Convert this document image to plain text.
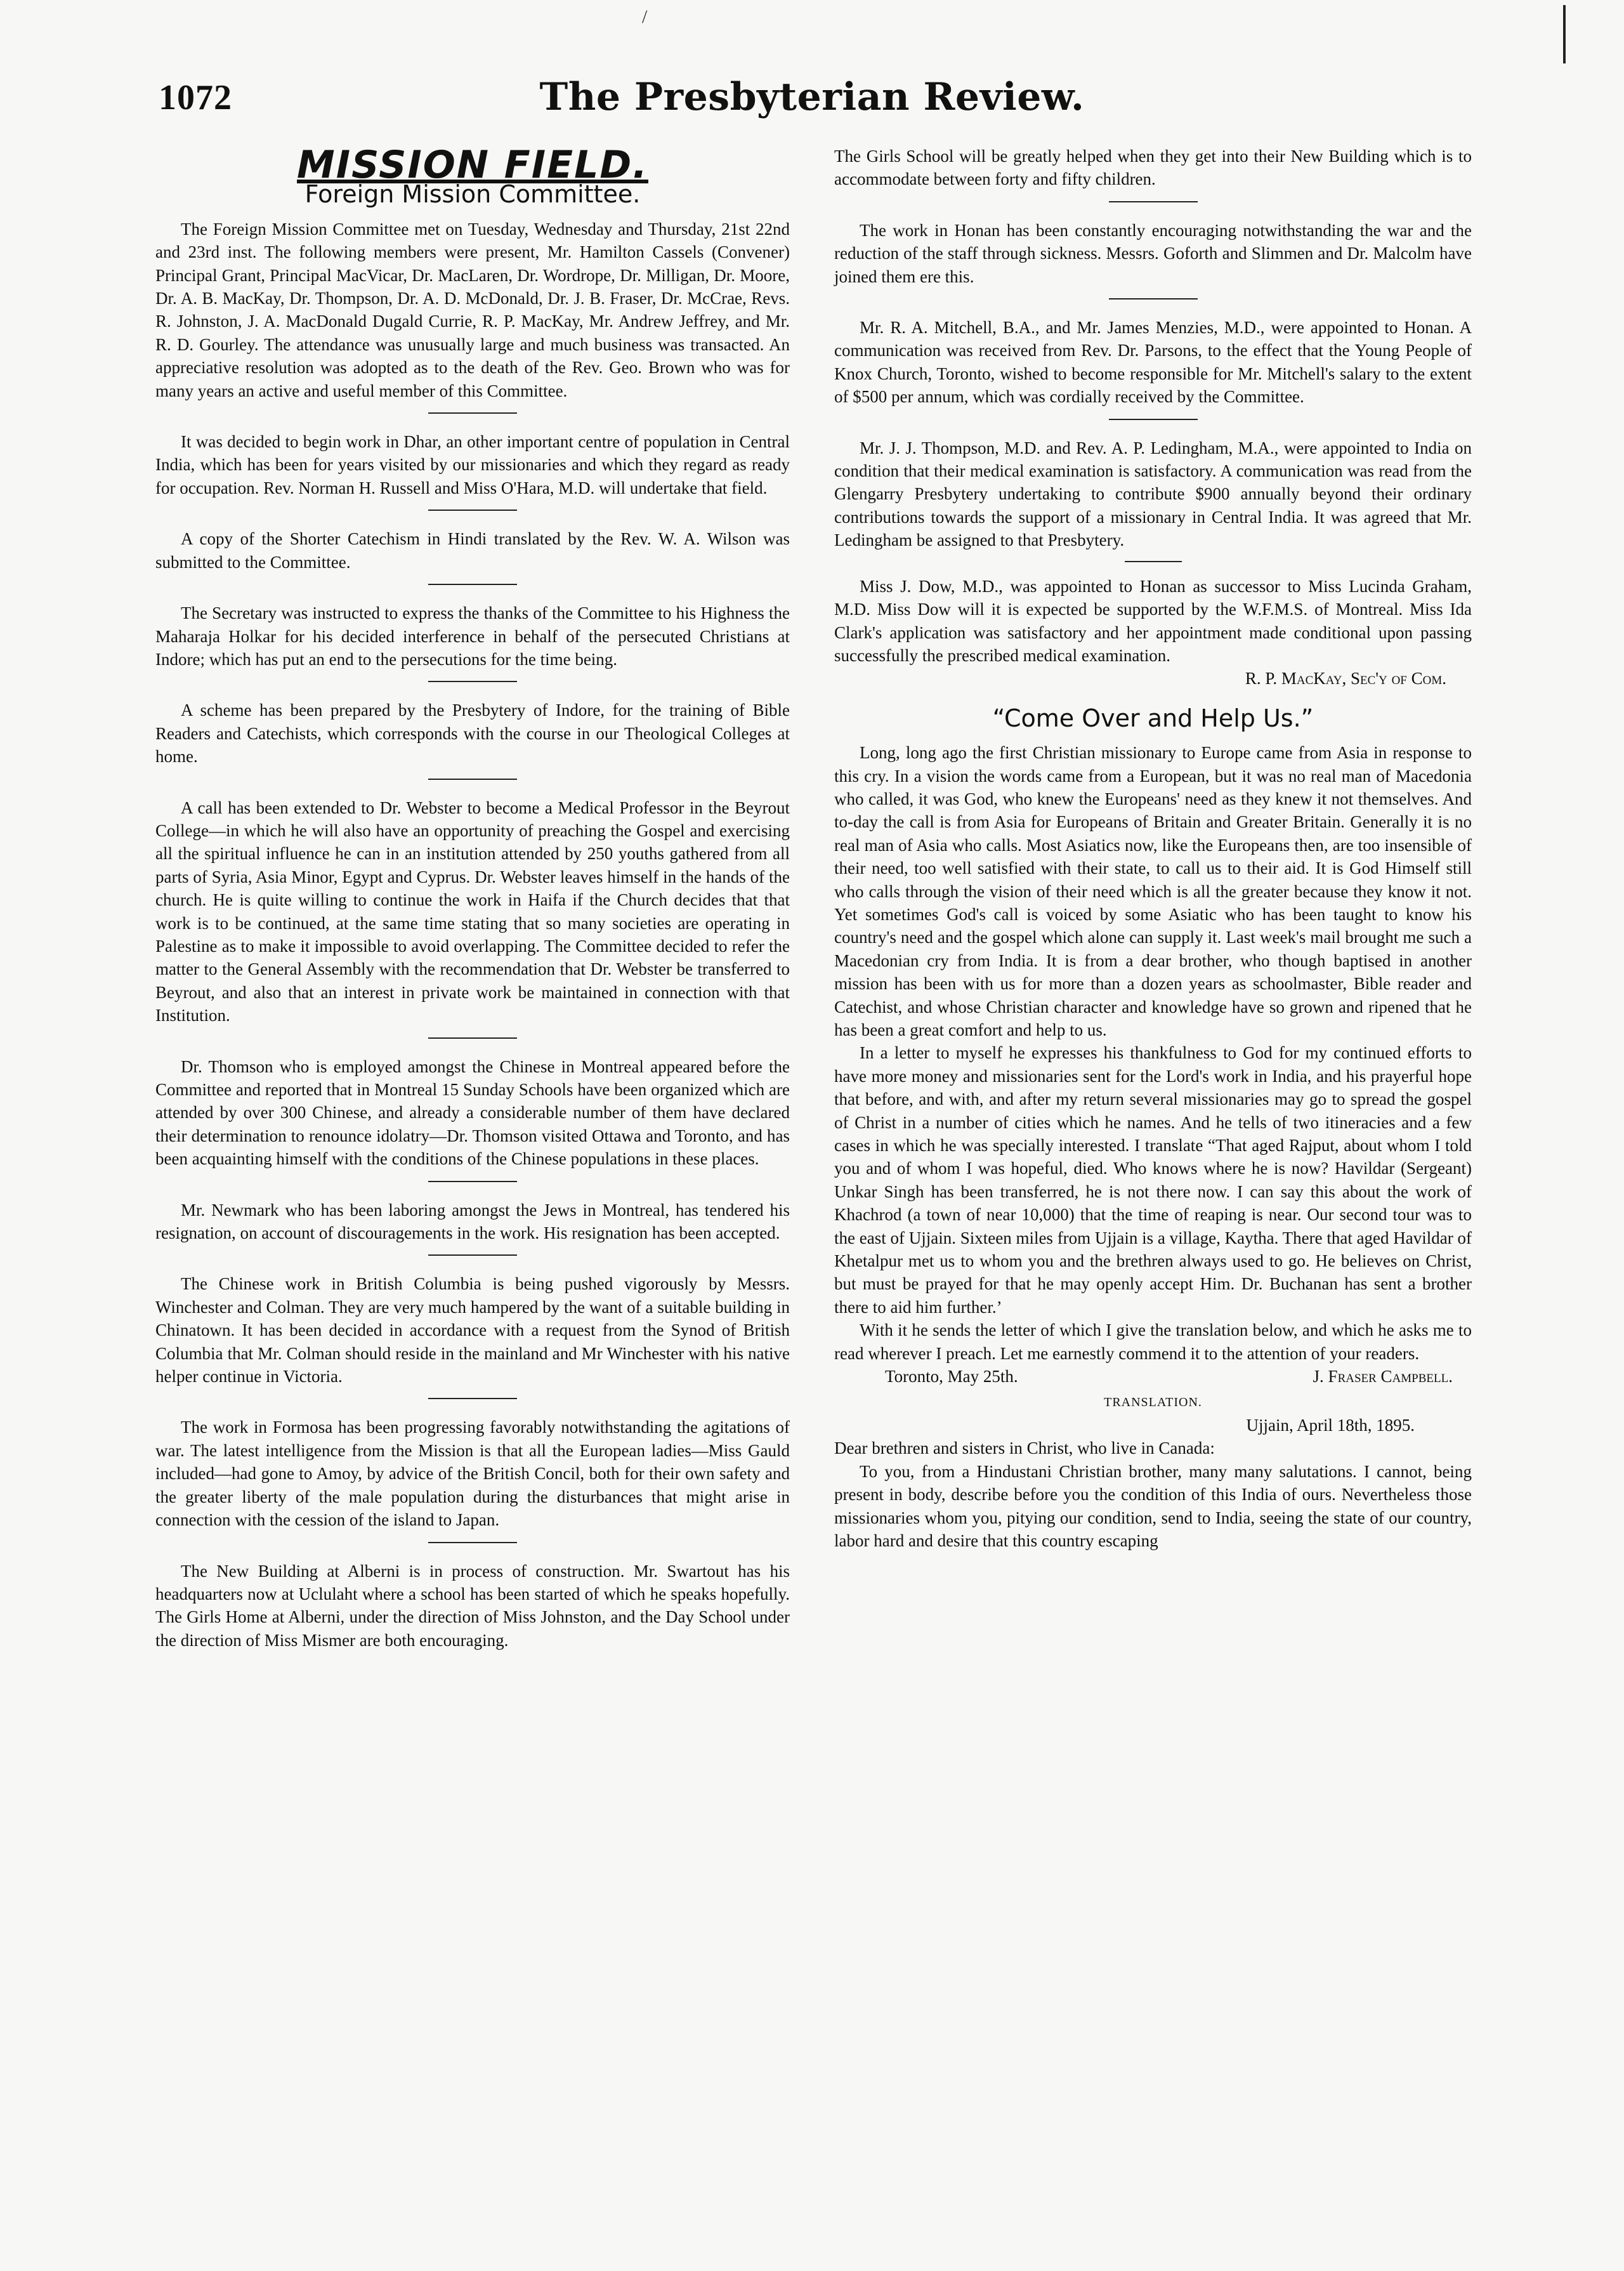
/
1072	The Presbyterian Review.
MISSION FIELD.
Foreign Mission Committee.

The Foreign Mission Committee met on Tuesday, Wednesday and Thursday, 21st 22nd and 23rd inst. The following members were present, Mr. Hamilton Cassels (Convener) Principal Grant, Principal MacVicar, Dr. MacLaren, Dr. Wordrope, Dr. Milligan, Dr. Moore, Dr. A. B. MacKay, Dr. Thompson, Dr. A. D. McDonald, Dr. J. B. Fraser, Dr. McCrae, Revs. R. Johnston, J. A. MacDonald Dugald Currie, R. P. MacKay, Mr. Andrew Jeffrey, and Mr. R. D. Gourley. The attendance was unusually large and much business was transacted. An appreciative resolution was adopted as to the death of the Rev. Geo. Brown who was for many years an active and useful member of this Committee.

It was decided to begin work in Dhar, an other important centre of population in Central India, which has been for years visited by our missionaries and which they regard as ready for occupation. Rev. Norman H. Russell and Miss O'Hara, M.D. will undertake that field.

A copy of the Shorter Catechism in Hindi translated by the Rev. W. A. Wilson was submitted to the Committee.

The Secretary was instructed to express the thanks of the Committee to his Highness the Maharaja Holkar for his decided interference in behalf of the persecuted Christians at Indore; which has put an end to the persecutions for the time being.

A scheme has been prepared by the Presbytery of Indore, for the training of Bible Readers and Catechists, which corresponds with the course in our Theological Colleges at home.

A call has been extended to Dr. Webster to become a Medical Professor in the Beyrout College—in which he will also have an opportunity of preaching the Gospel and exercising all the spiritual influence he can in an institution attended by 250 youths gathered from all parts of Syria, Asia Minor, Egypt and Cyprus. Dr. Webster leaves himself in the hands of the church. He is quite willing to continue the work in Haifa if the Church decides that that work is to be continued, at the same time stating that so many societies are operating in Palestine as to make it impossible to avoid overlapping. The Committee decided to refer the matter to the General Assembly with the recommendation that Dr. Webster be transferred to Beyrout, and also that an interest in private work be maintained in connection with that Institution.

Dr. Thomson who is employed amongst the Chinese in Montreal appeared before the Committee and reported that in Montreal 15 Sunday Schools have been organized which are attended by over 300 Chinese, and already a considerable number of them have declared their determination to renounce idolatry—Dr. Thomson visited Ottawa and Toronto, and has been acquainting himself with the conditions of the Chinese populations in these places.

Mr. Newmark who has been laboring amongst the Jews in Montreal, has tendered his resignation, on account of discouragements in the work. His resignation has been accepted.

The Chinese work in British Columbia is being pushed vigorously by Messrs. Winchester and Colman. They are very much hampered by the want of a suitable building in Chinatown. It has been decided in accordance with a request from the Synod of British Columbia that Mr. Colman should reside in the mainland and Mr Winchester with his native helper continue in Victoria.

The work in Formosa has been progressing favorably notwithstanding the agitations of war. The latest intelligence from the Mission is that all the European ladies—Miss Gauld included—had gone to Amoy, by advice of the British Concil, both for their own safety and the greater liberty of the male population during the disturbances that might arise in connection with the cession of the island to Japan.

The New Building at Alberni is in process of construction. Mr. Swartout has his headquarters now at Uclulaht where a school has been started of which he speaks hopefully. The Girls Home at Alberni, under the direction of Miss Johnston, and the Day School under the direction of Miss Mismer are both encouraging.

The Girls School will be greatly helped when they get into their New Building which is to accommodate between forty and fifty children.

The work in Honan has been constantly encouraging notwithstanding the war and the reduction of the staff through sickness. Messrs. Goforth and Slimmen and Dr. Malcolm have joined them ere this.

Mr. R. A. Mitchell, B.A., and Mr. James Menzies, M.D., were appointed to Honan. A communication was received from Rev. Dr. Parsons, to the effect that the Young People of Knox Church, Toronto, wished to become responsible for Mr. Mitchell's salary to the extent of $500 per annum, which was cordially received by the Committee.

Mr. J. J. Thompson, M.D. and Rev. A. P. Ledingham, M.A., were appointed to India on condition that their medical examination is satisfactory. A communication was read from the Glengarry Presbytery undertaking to contribute $900 annually beyond their ordinary contributions towards the support of a missionary in Central India. It was agreed that Mr. Ledingham be assigned to that Presbytery.

Miss J. Dow, M.D., was appointed to Honan as successor to Miss Lucinda Graham, M.D. Miss Dow will it is expected be supported by the W.F.M.S. of Montreal. Miss Ida Clark's application was satisfactory and her appointment made conditional upon passing successfully the prescribed medical examination.

R. P. MacKay, Sec'y of Com.

“Come Over and Help Us.”

Long, long ago the first Christian missionary to Europe came from Asia in response to this cry. In a vision the words came from a European, but it was no real man of Macedonia who called, it was God, who knew the Europeans' need as they knew it not themselves. And to-day the call is from Asia for Europeans of Britain and Greater Britain. Generally it is no real man of Asia who calls. Most Asiatics now, like the Europeans then, are too insensible of their need, too well satisfied with their state, to call us to their aid. It is God Himself still who calls through the vision of their need which is all the greater because they know it not. Yet sometimes God's call is voiced by some Asiatic who has been taught to know his country's need and the gospel which alone can supply it. Last week's mail brought me such a Macedonian cry from India. It is from a dear brother, who though baptised in another mission has been with us for more than a dozen years as schoolmaster, Bible reader and Catechist, and whose Christian character and knowledge have so grown and ripened that he has been a great comfort and help to us.

In a letter to myself he expresses his thankfulness to God for my continued efforts to have more money and missionaries sent for the Lord's work in India, and his prayerful hope that before, and with, and after my return several missionaries may go to spread the gospel of Christ in a number of cities which he names. And he tells of two itineracies and a few cases in which he was specially interested. I translate “That aged Rajput, about whom I told you and of whom I was hopeful, died. Who knows where he is now? Havildar (Sergeant) Unkar Singh has been transferred, he is not there now. I can say this about the work of Khachrod (a town of near 10,000) that the time of reaping is near. Our second tour was to the east of Ujjain. Sixteen miles from Ujjain is a village, Kaytha. There that aged Havildar of Khetalpur met us to whom you and the brethren always used to go. He believes on Christ, but must be prayed for that he may openly accept Him. Dr. Buchanan has sent a brother there to aid him further.’

With it he sends the letter of which I give the translation below, and which he asks me to read wherever I preach. Let me earnestly commend it to the attention of your readers.

Toronto, May 25th.	J. Fraser Campbell.

TRANSLATION.

Ujjain, April 18th, 1895.

Dear brethren and sisters in Christ, who live in Canada:

To you, from a Hindustani Christian brother, many many salutations. I cannot, being present in body, describe before you the condition of this India of ours. Nevertheless those missionaries whom you, pitying our condition, send to India, seeing the state of our country, labor hard and desire that this country escaping
